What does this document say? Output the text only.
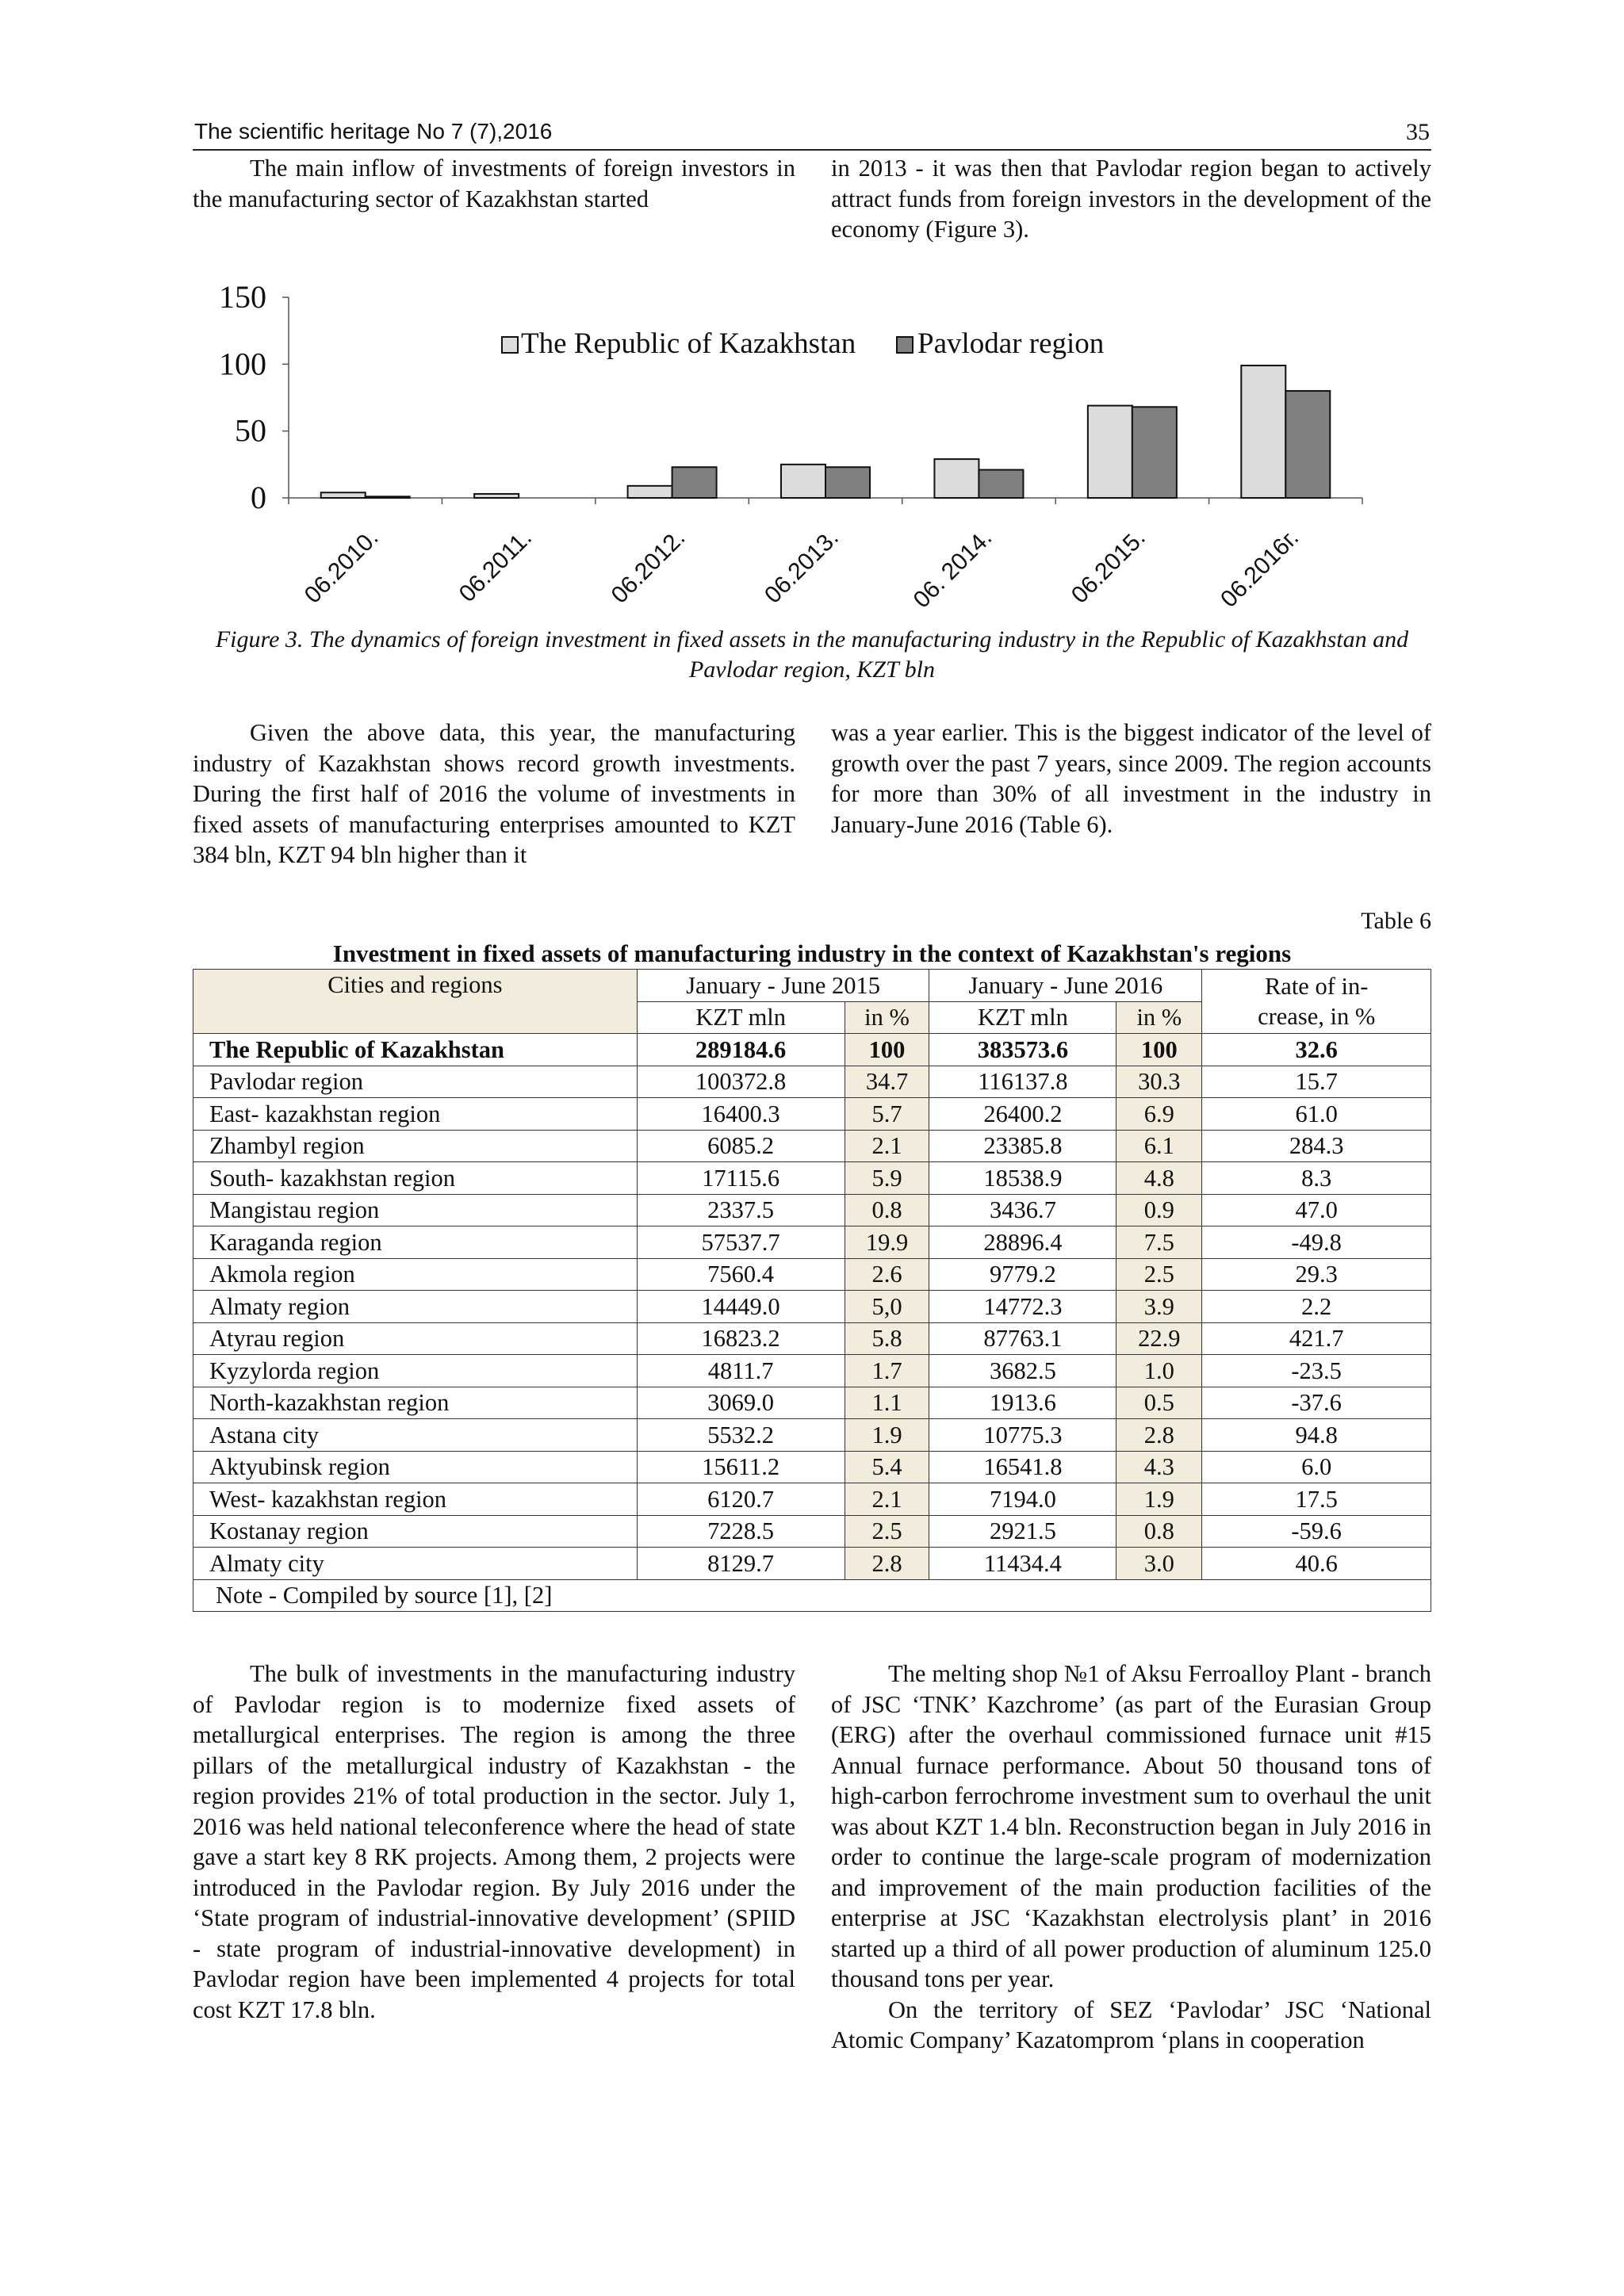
The scientific heritage No 7 (7),2016	35

The main inflow of investments of foreign investors in the manufacturing sector of Kazakhstan started

in 2013 - it was then that Pavlodar region began to actively attract funds from foreign investors in the development of the economy (Figure 3).

0
50
100
150
06.2010.	06.2011.	06.2012.	06.2013.	06. 2014.	06.2015.	06.2016г.
The Republic of Kazakhstan Pavlodar region
Figure 3. The dynamics of foreign investment in fixed assets in the manufacturing industry in the Republic of Kazakhstan and Pavlodar region, KZT bln

Given the above data, this year, the manufacturing industry of Kazakhstan shows record growth investments. During the first half of 2016 the volume of investments in fixed assets of manufacturing enterprises amounted to KZT 384 bln, KZT 94 bln higher than it

was a year earlier. This is the biggest indicator of the level of growth over the past 7 years, since 2009. The region accounts for more than 30% of all investment in the industry in January-June 2016 (Table 6).

Table 6
Investment in fixed assets of manufacturing industry in the context of Kazakhstan's regions
Cities and regions	January - June 2015		January - June 2016		Rate of in-
crease, in %
	KZT mln	in %	KZT mln	in %	
The Republic of Kazakhstan	289184.6	100	383573.6	100	32.6
Pavlodar region	100372.8	34.7	116137.8	30.3	15.7
East- kazakhstan region	16400.3	5.7	26400.2	6.9	61.0
Zhambyl region	6085.2	2.1	23385.8	6.1	284.3
South- kazakhstan region	17115.6	5.9	18538.9	4.8	8.3
Mangistau region	2337.5	0.8	3436.7	0.9	47.0
Karaganda region	57537.7	19.9	28896.4	7.5	-49.8
Akmola region	7560.4	2.6	9779.2	2.5	29.3
Almaty region	14449.0	5,0	14772.3	3.9	2.2
Atyrau region	16823.2	5.8	87763.1	22.9	421.7
Kyzylorda region	4811.7	1.7	3682.5	1.0	-23.5
North-kazakhstan region	3069.0	1.1	1913.6	0.5	-37.6
Astana city	5532.2	1.9	10775.3	2.8	94.8
Aktyubinsk region	15611.2	5.4	16541.8	4.3	6.0
West- kazakhstan region	6120.7	2.1	7194.0	1.9	17.5
Kostanay region	7228.5	2.5	2921.5	0.8	-59.6
Almaty city	8129.7	2.8	11434.4	3.0	40.6
Note - Compiled by source [1], [2]					

The bulk of investments in the manufacturing industry of Pavlodar region is to modernize fixed assets of metallurgical enterprises. The region is among the three pillars of the metallurgical industry of Kazakhstan - the region provides 21% of total production in the sector. July 1, 2016 was held national teleconference where the head of state gave a start key 8 RK projects. Among them, 2 projects were introduced in the Pavlodar region. By July 2016 under the ‘State program of industrial-innovative development’ (SPIID - state program of industrial-innovative development) in Pavlodar region have been implemented 4 projects for total cost KZT 17.8 bln.

The melting shop №1 of Aksu Ferroalloy Plant - branch of JSC ‘TNK’ Kazchrome’ (as part of the Eurasian Group (ERG) after the overhaul commissioned furnace unit #15 Annual furnace performance. About 50 thousand tons of high-carbon ferrochrome investment sum to overhaul the unit was about KZT 1.4 bln. Reconstruction began in July 2016 in order to continue the large-scale program of modernization and improvement of the main production facilities of the enterprise at JSC ‘Kazakhstan electrolysis plant’ in 2016 started up a third of all power production of aluminum 125.0 thousand tons per year.

On the territory of SEZ ‘Pavlodar’ JSC ‘National Atomic Company’ Kazatomprom ‘plans in cooperation
